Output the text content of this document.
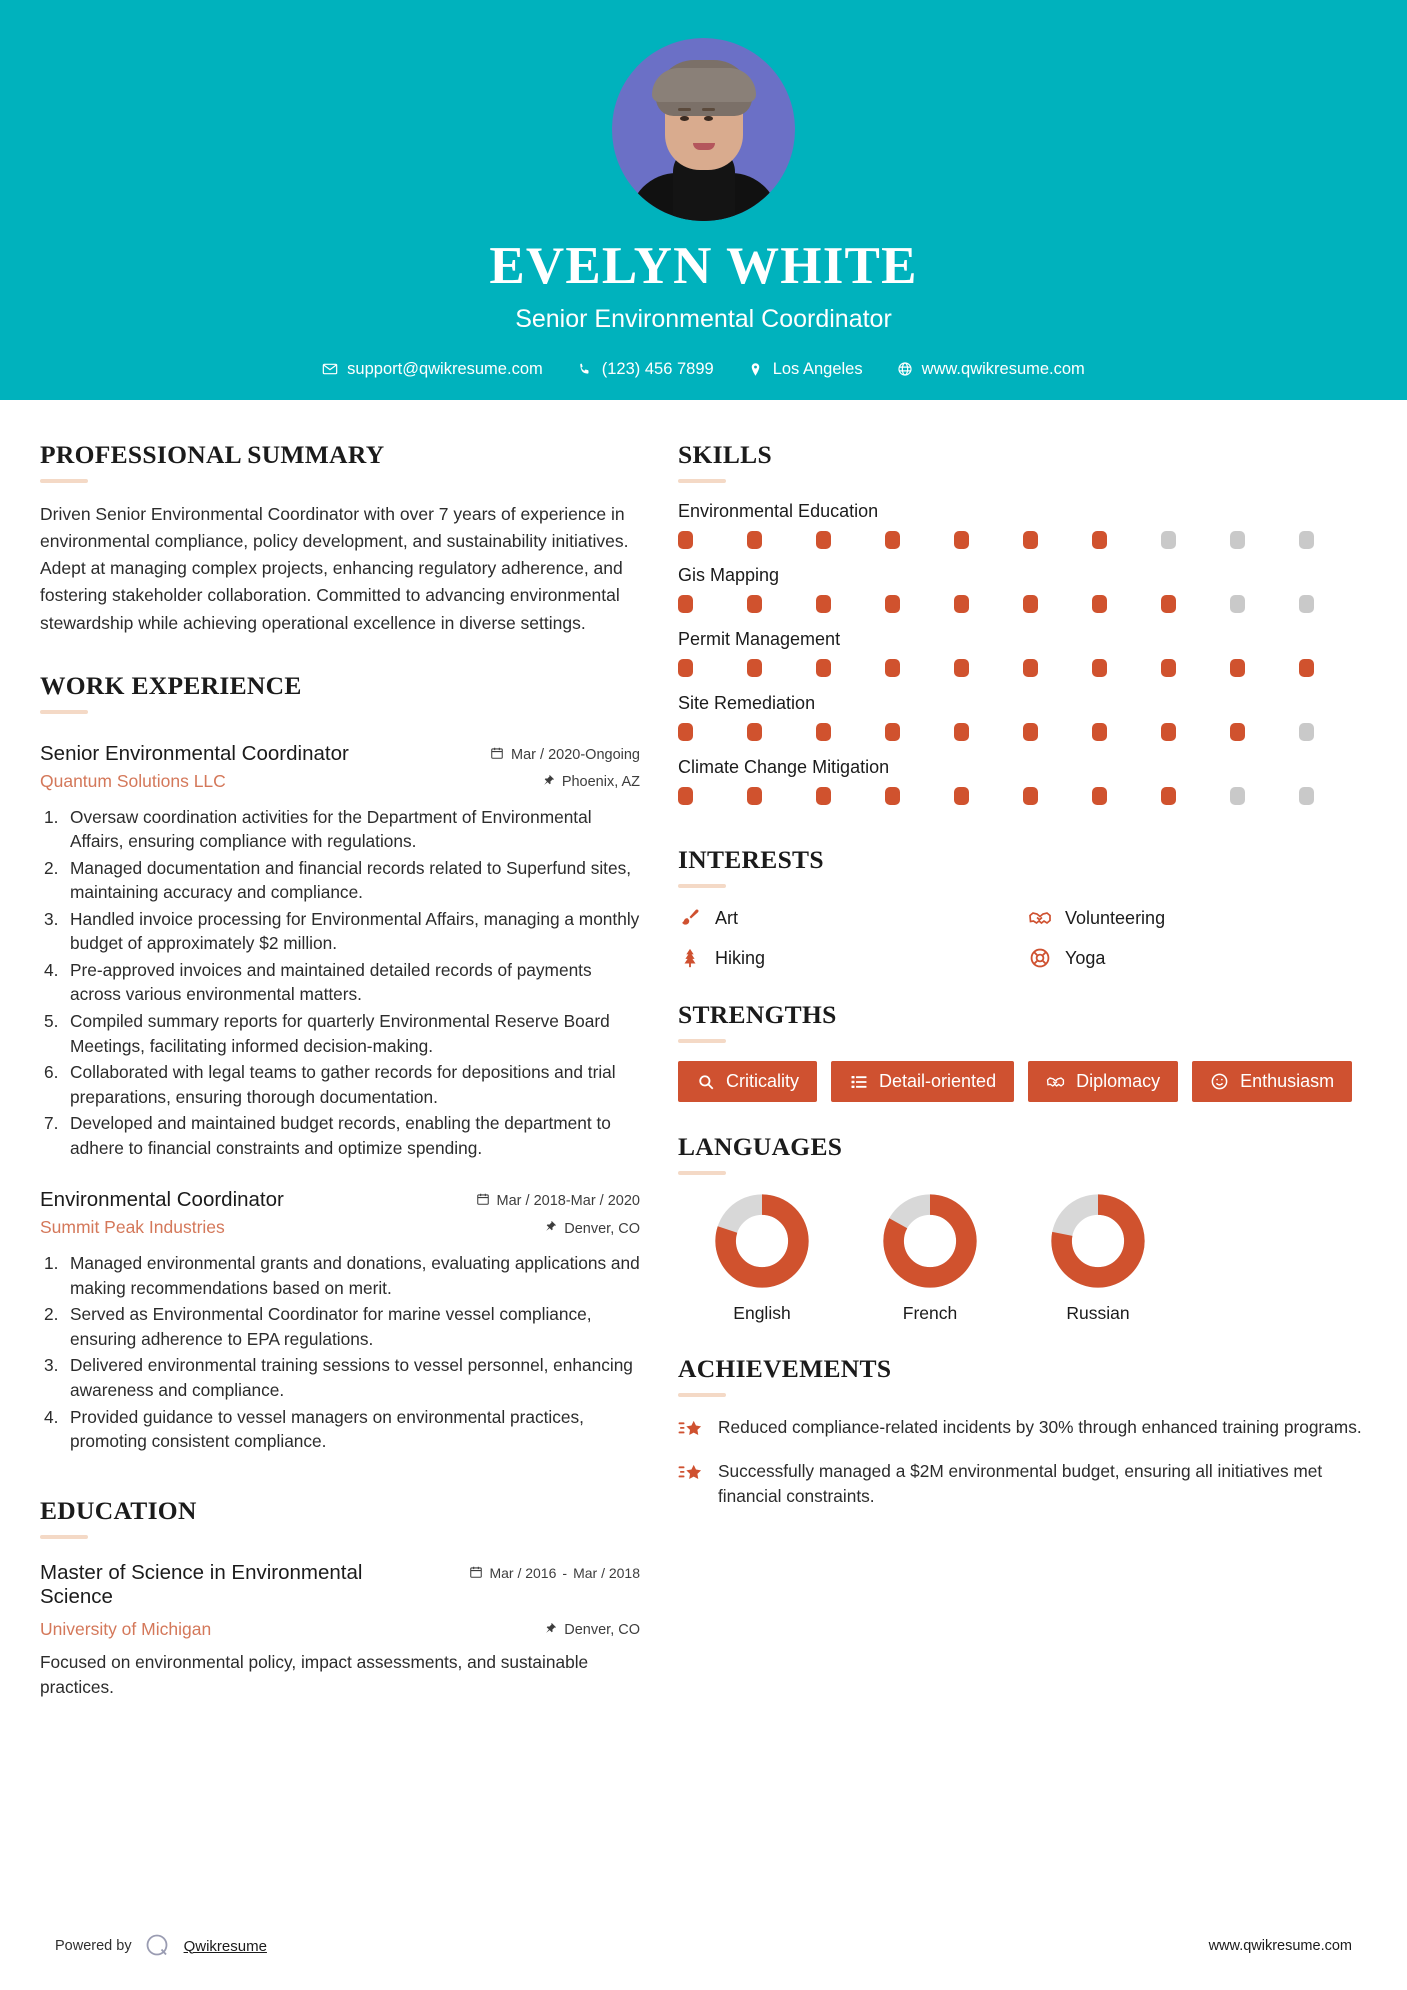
EVELYN WHITE
Senior Environmental Coordinator
support@qwikresume.com	(123) 456 7899	Los Angeles	www.qwikresume.com
PROFESSIONAL SUMMARY

Driven Senior Environmental Coordinator with over 7 years of experience in environmental compliance, policy development, and sustainability initiatives. Adept at managing complex projects, enhancing regulatory adherence, and fostering stakeholder collaboration. Committed to advancing environmental stewardship while achieving operational excellence in diverse settings.

WORK EXPERIENCE
Senior Environmental Coordinator	Mar / 2020-Ongoing
Quantum Solutions LLC	Phoenix, AZ
Oversaw coordination activities for the Department of Environmental Affairs, ensuring compliance with regulations.
Managed documentation and financial records related to Superfund sites, maintaining accuracy and compliance.
Handled invoice processing for Environmental Affairs, managing a monthly budget of approximately $2 million.
Pre-approved invoices and maintained detailed records of payments across various environmental matters.
Compiled summary reports for quarterly Environmental Reserve Board Meetings, facilitating informed decision-making.
Collaborated with legal teams to gather records for depositions and trial preparations, ensuring thorough documentation.
Developed and maintained budget records, enabling the department to adhere to financial constraints and optimize spending.
Environmental Coordinator	Mar / 2018-Mar / 2020
Summit Peak Industries	Denver, CO
Managed environmental grants and donations, evaluating applications and making recommendations based on merit.
Served as Environmental Coordinator for marine vessel compliance, ensuring adherence to EPA regulations.
Delivered environmental training sessions to vessel personnel, enhancing awareness and compliance.
Provided guidance to vessel managers on environmental practices, promoting consistent compliance.
EDUCATION
Master of Science in Environmental Science
Mar / 2016 - Mar / 2018
University of Michigan	Denver, CO

Focused on environmental policy, impact assessments, and sustainable practices.

SKILLS
Environmental Education
Gis Mapping
Permit Management
Site Remediation
Climate Change Mitigation
INTERESTS
Art	Volunteering
Hiking	Yoga
STRENGTHS
Criticality	Detail-oriented	Diplomacy	Enthusiasm
LANGUAGES
English	French	Russian
ACHIEVEMENTS
Reduced compliance-related incidents by 30% through enhanced training programs.
Successfully managed a $2M environmental budget, ensuring all initiatives met financial constraints.
Powered by	Qwikresume	www.qwikresume.com
